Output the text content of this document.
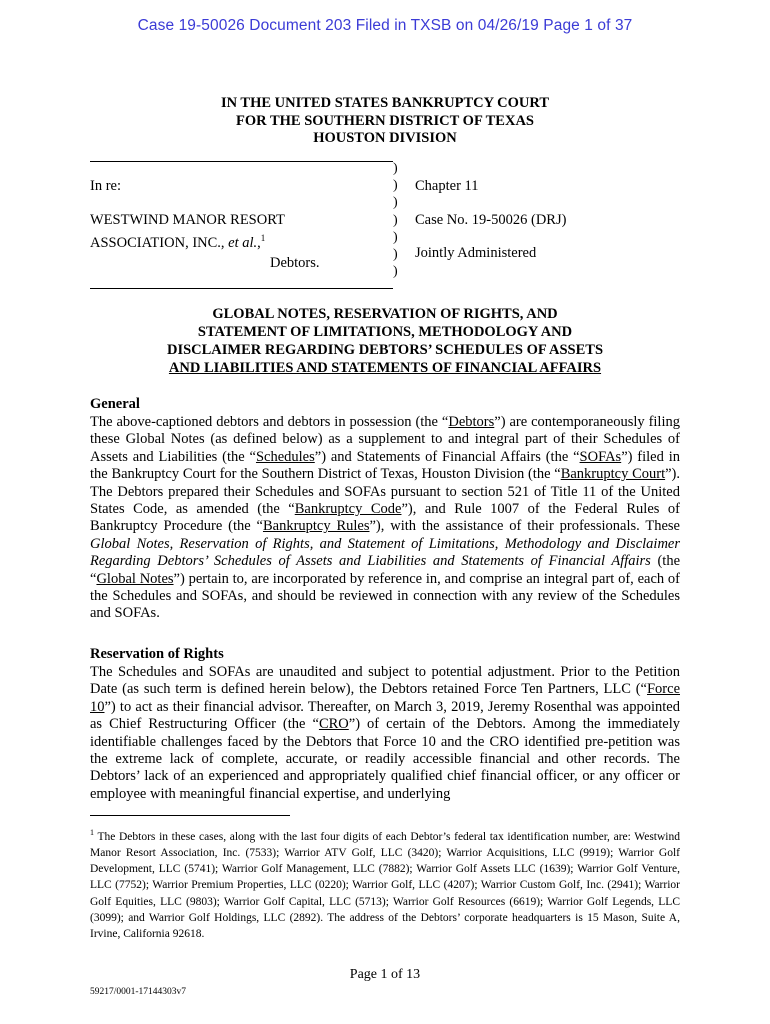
Case 19-50026 Document 203 Filed in TXSB on 04/26/19 Page 1 of 37
IN THE UNITED STATES BANKRUPTCY COURT
FOR THE SOUTHERN DISTRICT OF TEXAS
HOUSTON DIVISION
In re:
WESTWIND MANOR RESORT
ASSOCIATION, INC., et al.,$^1$
Debtors.
)
)
)
)
)
)
)
Chapter 11
Case No. 19-50026 (DRJ)
Jointly Administered
GLOBAL NOTES, RESERVATION OF RIGHTS, AND
STATEMENT OF LIMITATIONS, METHODOLOGY AND
DISCLAIMER REGARDING DEBTORS’ SCHEDULES OF ASSETS
AND LIABILITIES AND STATEMENTS OF FINANCIAL AFFAIRS
General
The above-captioned debtors and debtors in possession (the “Debtors”) are contemporaneously filing these Global Notes (as defined below) as a supplement to and integral part of their Schedules of Assets and Liabilities (the “Schedules”) and Statements of Financial Affairs (the “SOFAs”) filed in the Bankruptcy Court for the Southern District of Texas, Houston Division (the “Bankruptcy Court”). The Debtors prepared their Schedules and SOFAs pursuant to section 521 of Title 11 of the United States Code, as amended (the “Bankruptcy Code”), and Rule 1007 of the Federal Rules of Bankruptcy Procedure (the “Bankruptcy Rules”), with the assistance of their professionals. These Global Notes, Reservation of Rights, and Statement of Limitations, Methodology and Disclaimer Regarding Debtors’ Schedules of Assets and Liabilities and Statements of Financial Affairs (the “Global Notes”) pertain to, are incorporated by reference in, and comprise an integral part of, each of the Schedules and SOFAs, and should be reviewed in connection with any review of the Schedules and SOFAs.
Reservation of Rights
The Schedules and SOFAs are unaudited and subject to potential adjustment. Prior to the Petition Date (as such term is defined herein below), the Debtors retained Force Ten Partners, LLC (“Force 10”) to act as their financial advisor. Thereafter, on March 3, 2019, Jeremy Rosenthal was appointed as Chief Restructuring Officer (the “CRO”) of certain of the Debtors. Among the immediately identifiable challenges faced by the Debtors that Force 10 and the CRO identified pre-petition was the extreme lack of complete, accurate, or readily accessible financial and other records. The Debtors’ lack of an experienced and appropriately qualified chief financial officer, or any officer or employee with meaningful financial expertise, and underlying
$^1$ The Debtors in these cases, along with the last four digits of each Debtor’s federal tax identification number, are: Westwind Manor Resort Association, Inc. (7533); Warrior ATV Golf, LLC (3420); Warrior Acquisitions, LLC (9919); Warrior Golf Development, LLC (5741); Warrior Golf Management, LLC (7882); Warrior Golf Assets LLC (1639); Warrior Golf Venture, LLC (7752); Warrior Premium Properties, LLC (0220); Warrior Golf, LLC (4207); Warrior Custom Golf, Inc. (2941); Warrior Golf Equities, LLC (9803); Warrior Golf Capital, LLC (5713); Warrior Golf Resources (6619); Warrior Golf Legends, LLC (3099); and Warrior Golf Holdings, LLC (2892). The address of the Debtors’ corporate headquarters is 15 Mason, Suite A, Irvine, California 92618.
Page 1 of 13
59217/0001-17144303v7
